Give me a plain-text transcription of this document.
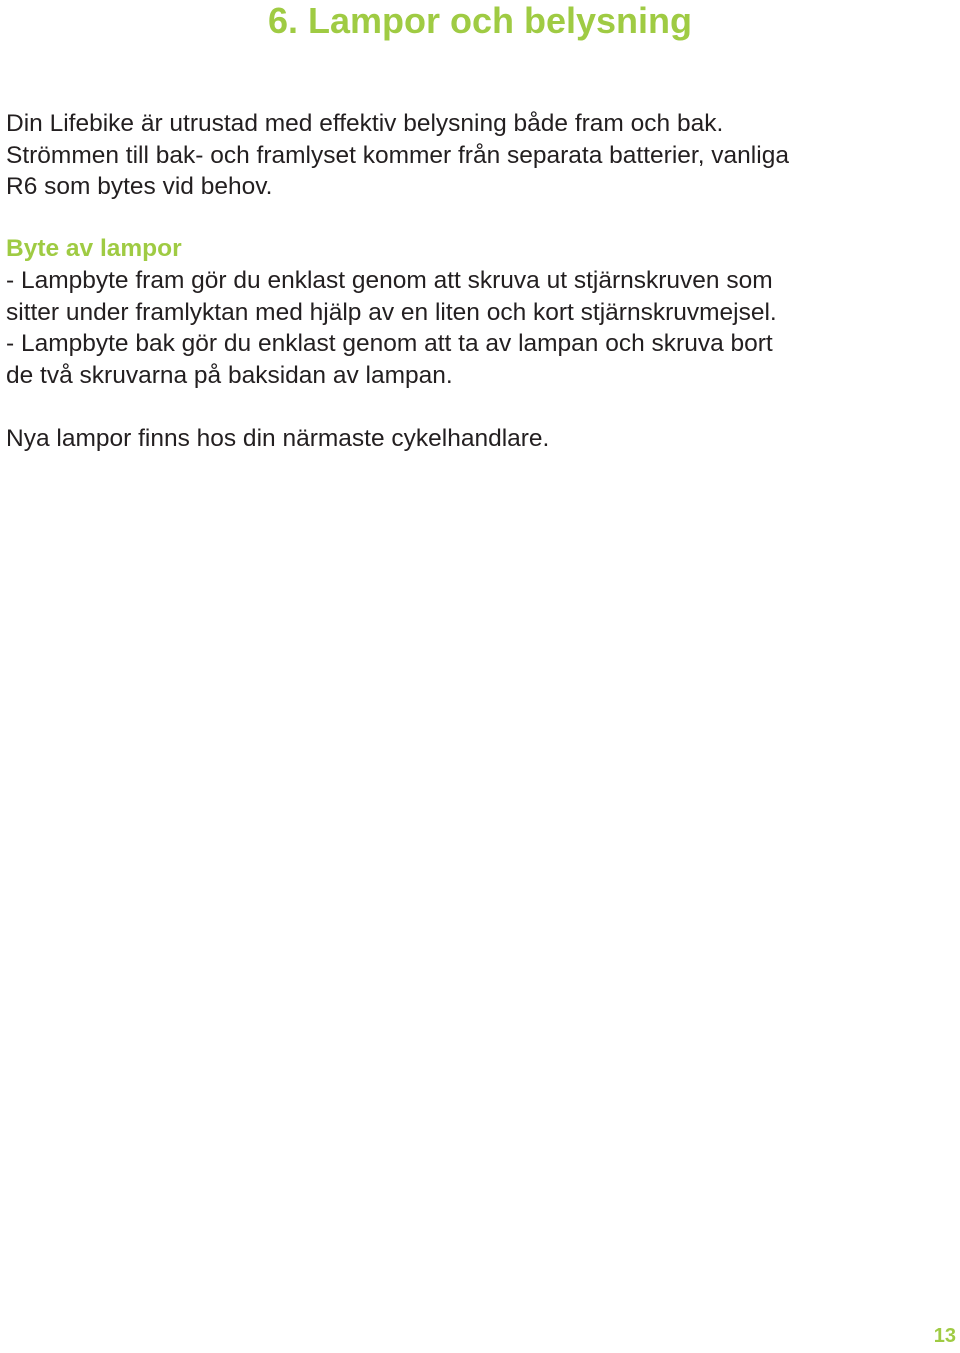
6. Lampor och belysning

Din Lifebike är utrustad med effektiv belysning både fram och bak.
Strömmen till bak- och framlyset kommer från separata batterier, vanliga
R6 som bytes vid behov.

Byte av lampor

- Lampbyte fram gör du enklast genom att skruva ut stjärnskruven som
sitter under framlyktan med hjälp av en liten och kort stjärnskruvmejsel.
- Lampbyte bak gör du enklast genom att ta av lampan och skruva bort
de två skruvarna på baksidan av lampan.

Nya lampor finns hos din närmaste cykelhandlare.

13
